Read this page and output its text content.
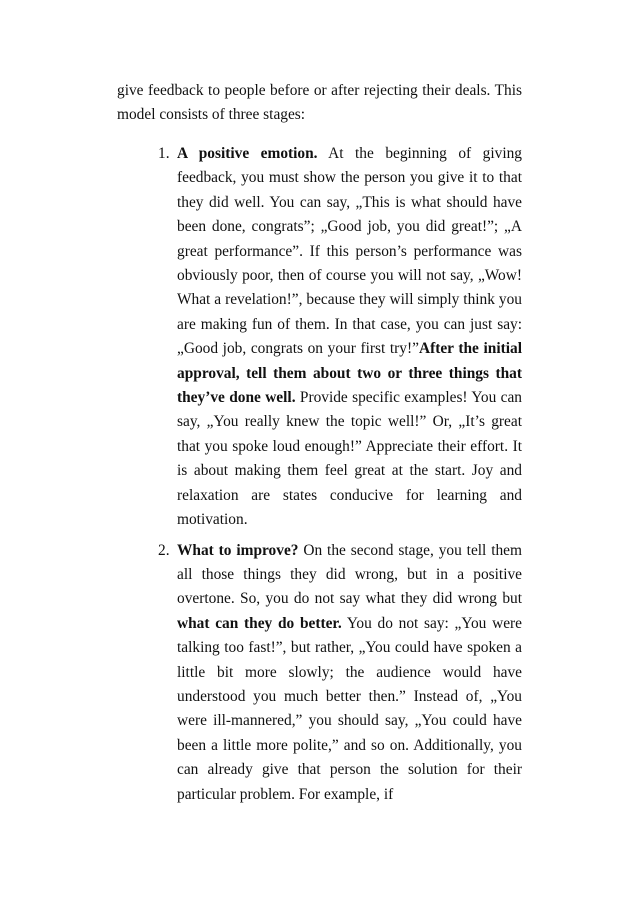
give feedback to people before or after rejecting their deals. This model consists of three stages:

1. A positive emotion. At the beginning of giving feedback, you must show the person you give it to that they did well. You can say, „This is what should have been done, congrats”; „Good job, you did great!”; „A great performance”. If this person’s performance was obviously poor, then of course you will not say, „Wow! What a revelation!”, because they will simply think you are making fun of them. In that case, you can just say: „Good job, congrats on your first try!”After the initial approval, tell them about two or three things that they’ve done well. Provide specific examples! You can say, „You really knew the topic well!” Or, „It’s great that you spoke loud enough!” Appreciate their effort. It is about making them feel great at the start. Joy and relaxation are states conducive for learning and motivation.

2. What to improve? On the second stage, you tell them all those things they did wrong, but in a positive overtone. So, you do not say what they did wrong but what can they do better. You do not say: „You were talking too fast!”, but rather, „You could have spoken a little bit more slowly; the audience would have understood you much better then.” Instead of, „You were ill-mannered,” you should say, „You could have been a little more polite,” and so on. Additionally, you can already give that person the solution for their particular problem. For example, if
